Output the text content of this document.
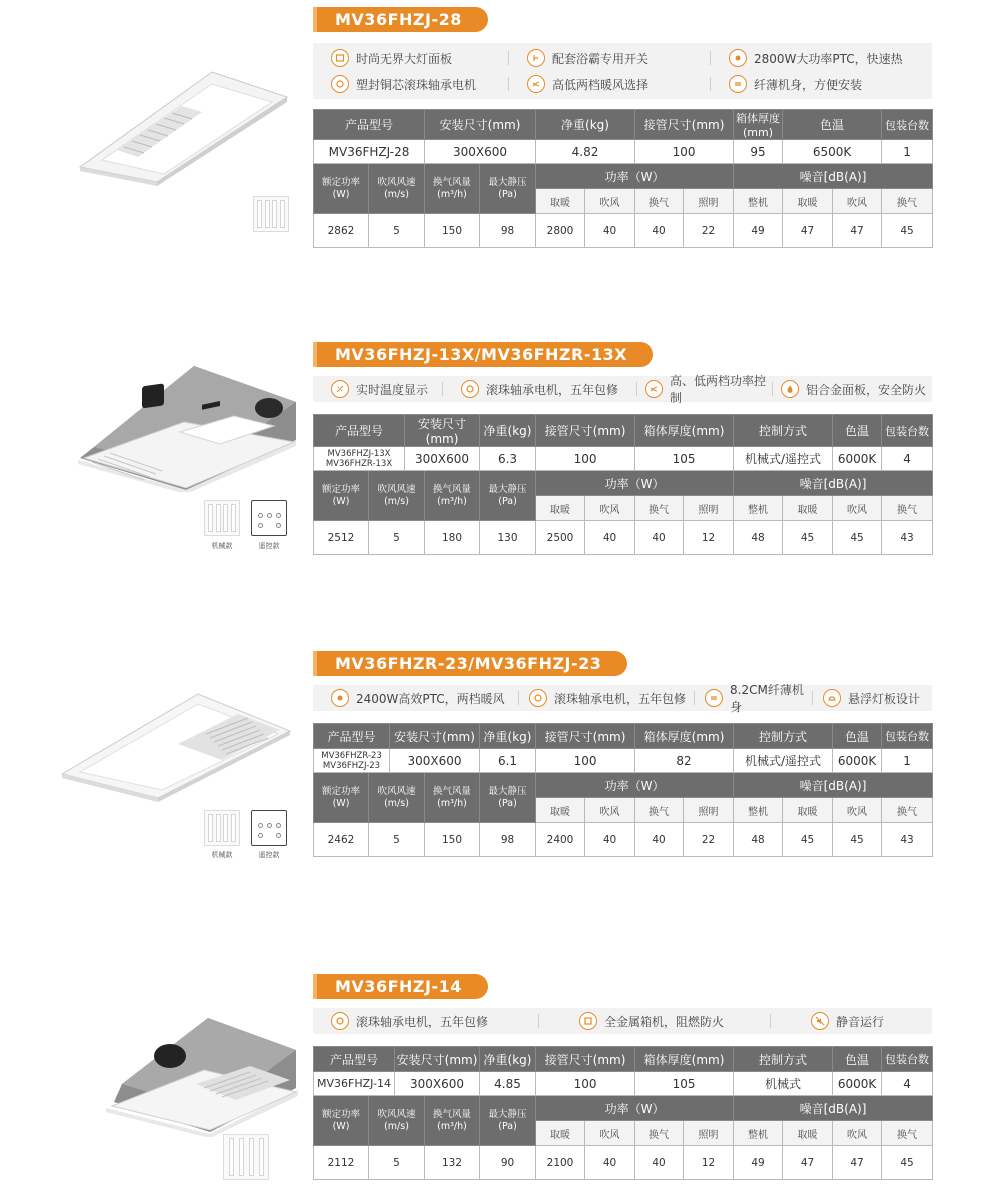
MV36FHZJ-28
时尚无界大灯面板	配套浴霸专用开关	2800W大功率PTC，快速热
塑封铜芯滚珠轴承电机	高低两档暖风选择	纤薄机身，方便安装
产品型号		安装尺寸(mm)		净重(kg)		接管尺寸(mm)		箱体厚度(mm)	色温		包装台数
MV36FHZJ-28		300X600		4.82		100		95	6500K		1
额定功率(W)	吹风风速(m/s)	换气风量(m³/h)	最大静压(Pa)	功率（W）				噪音[dB(A)]			
				取暖	吹风	换气	照明	整机	取暖	吹风	换气
2862	5	150	98	2800	40	40	22	49	47	47	45
MV36FHZJ-13X/MV36FHZR-13X
实时温度显示	滚珠轴承电机，五年包修
高、低两档功率控制
铝合金面板，安全防火
机械款	遥控款
产品型号		安装尺寸(mm)		净重(kg)	接管尺寸(mm)		箱体厚度(mm)		控制方式		色温	包装台数
MV36FHZJ-13X
MV36FHZR-13X		300X600		6.3	100		105		机械式/遥控式		6000K	4
额定功率(W)	吹风风速(m/s)		换气风量(m³/h)	最大静压(Pa)	功率（W）				噪音[dB(A)]			
					取暖	吹风	换气	照明	整机	取暖	吹风	换气
2512	5		180	130	2500	40	40	12	48	45	45	43
MV36FHZR-23/MV36FHZJ-23
2400W高效PTC，两档暖风	滚珠轴承电机，五年包修
8.2CM纤薄机身
悬浮灯板设计
机械款	遥控款
产品型号		安装尺寸(mm)		净重(kg)	接管尺寸(mm)		箱体厚度(mm)		控制方式		色温	包装台数
MV36FHZR-23
MV36FHZJ-23		300X600		6.1	100		82		机械式/遥控式		6000K	1
额定功率(W)	吹风风速(m/s)		换气风量(m³/h)	最大静压(Pa)	功率（W）				噪音[dB(A)]			
					取暖	吹风	换气	照明	整机	取暖	吹风	换气
2462	5		150	98	2400	40	40	22	48	45	45	43
MV36FHZJ-14
滚珠轴承电机，五年包修	全金属箱机，阻燃防火	静音运行
产品型号		安装尺寸(mm)		净重(kg)	接管尺寸(mm)		箱体厚度(mm)		控制方式		色温	包装台数
MV36FHZJ-14		300X600		4.85	100		105		机械式		6000K	4
额定功率(W)	吹风风速(m/s)		换气风量(m³/h)	最大静压(Pa)	功率（W）				噪音[dB(A)]			
					取暖	吹风	换气	照明	整机	取暖	吹风	换气
2112	5		132	90	2100	40	40	12	49	47	47	45
